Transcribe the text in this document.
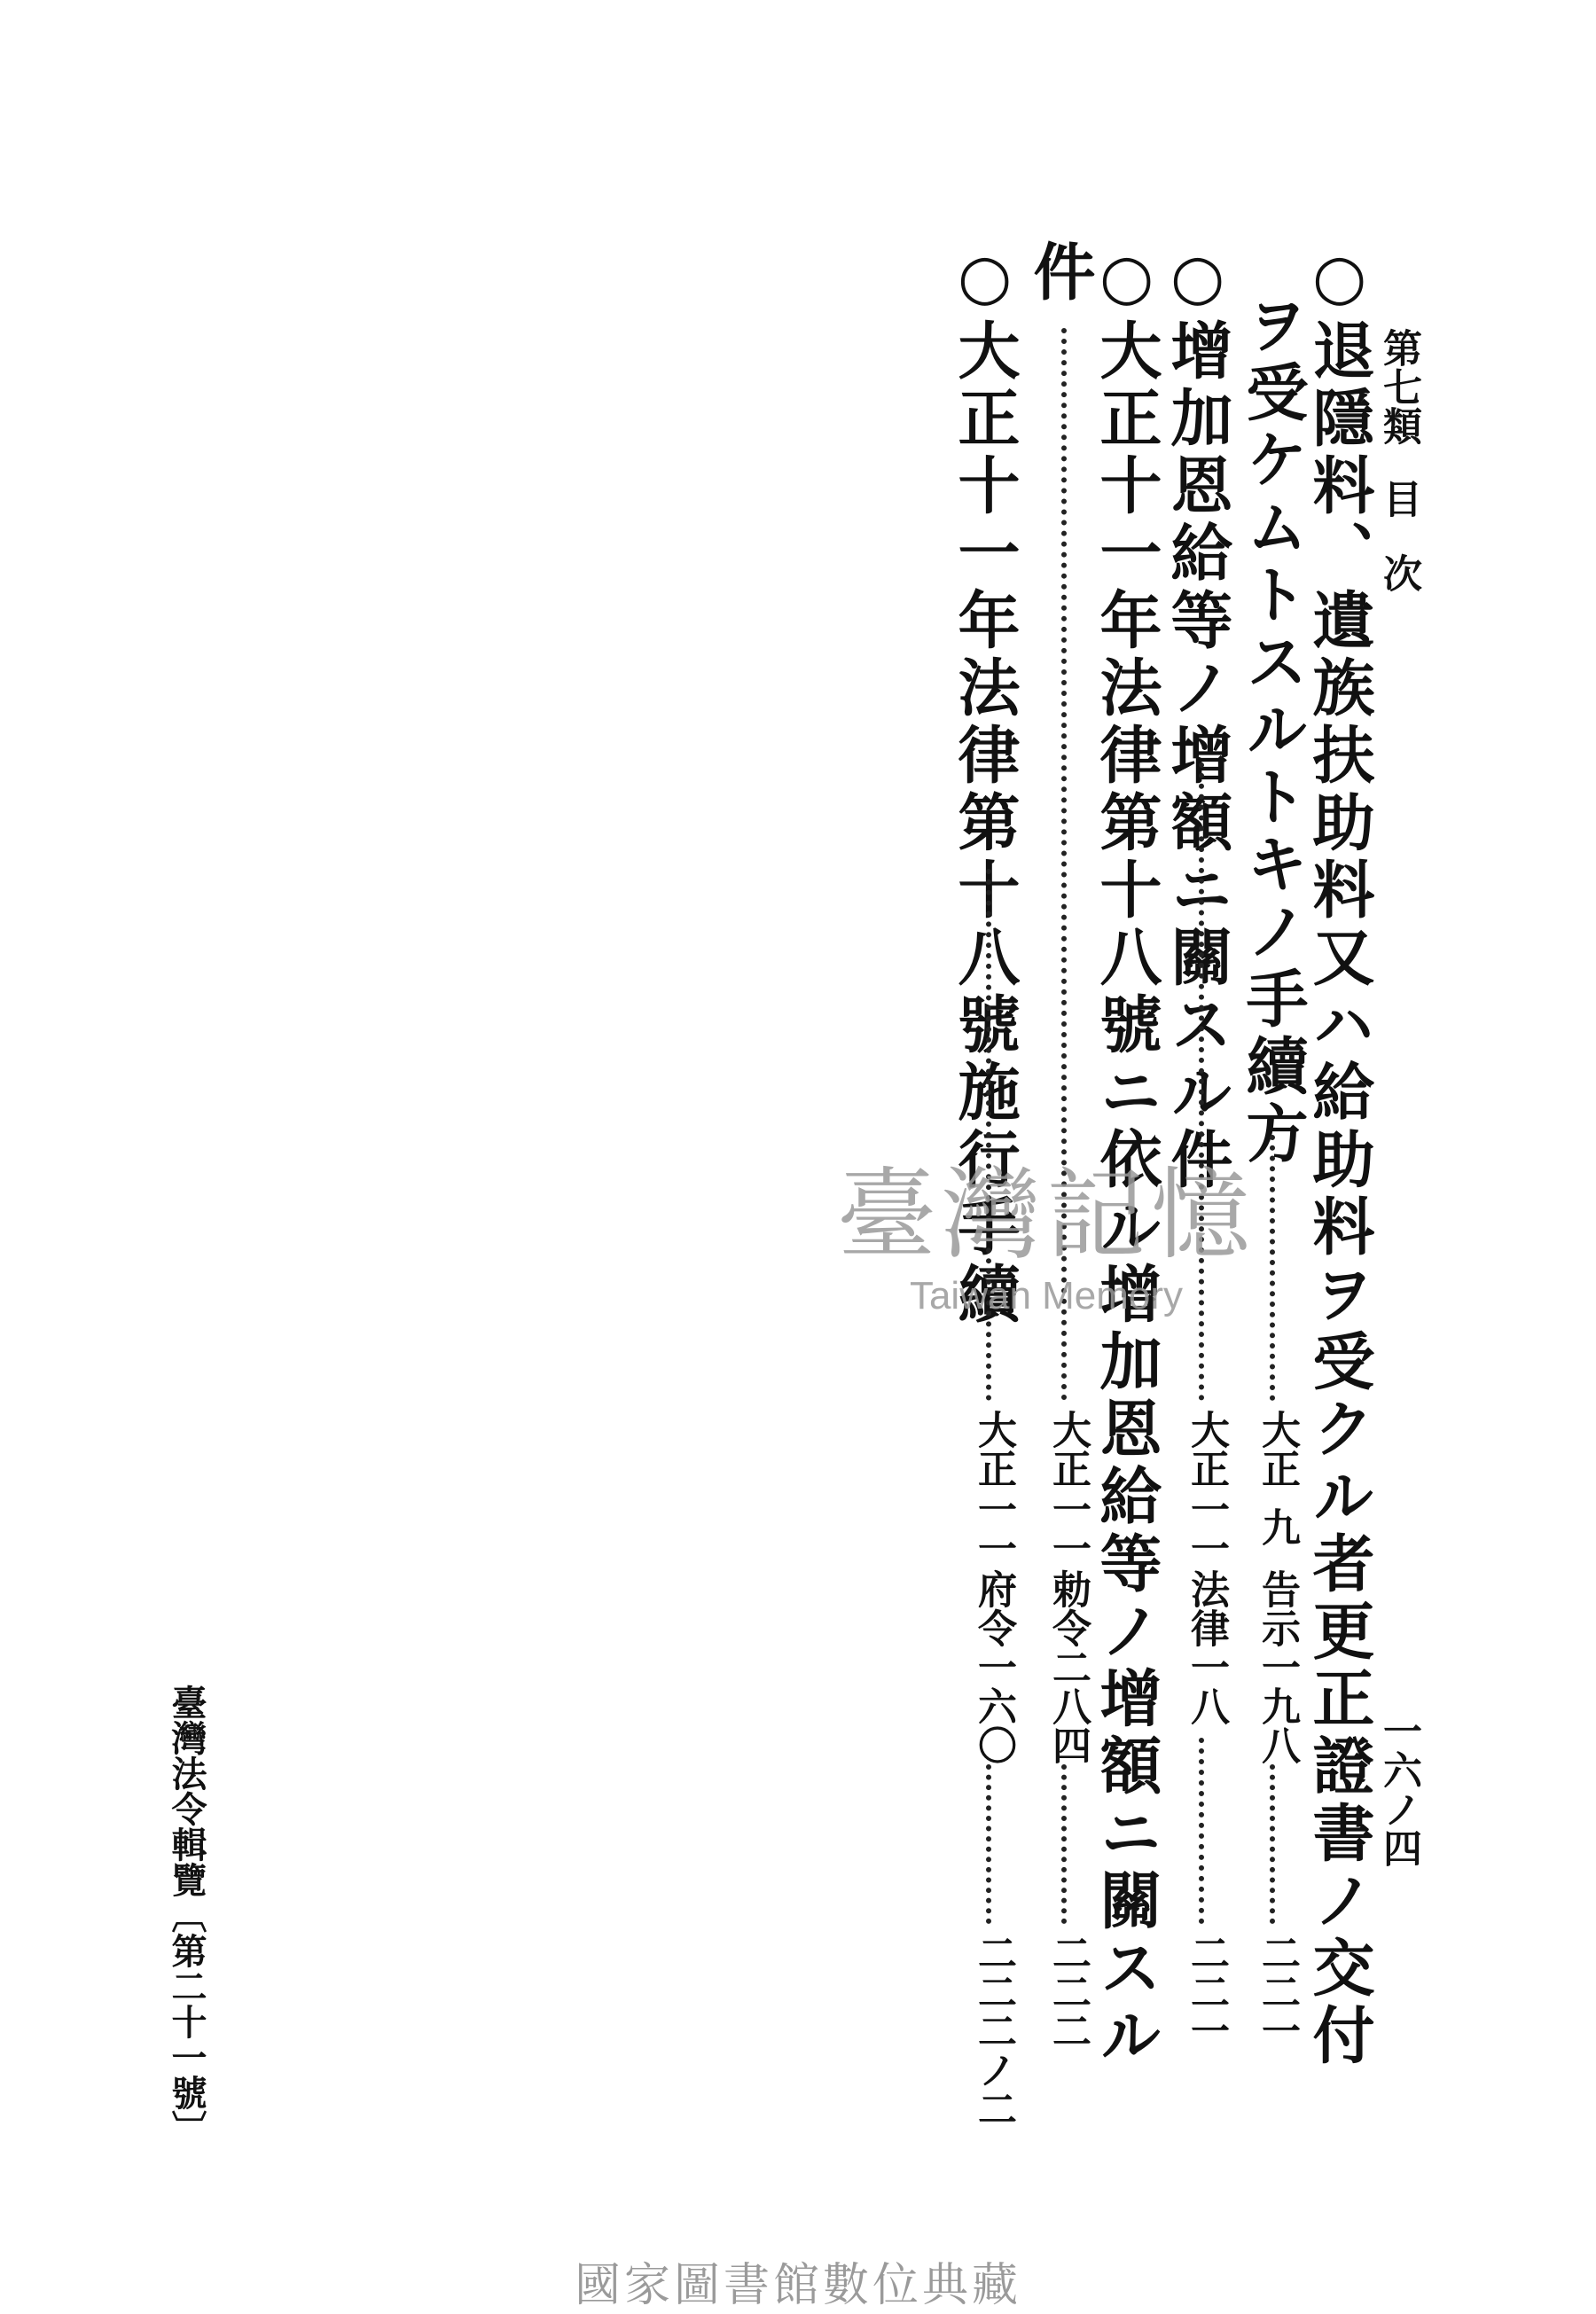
第七類
目次
一六ノ四
○退隱料、遺族扶助料又ハ給助料ヲ受クル者更正證書ノ交付
ヲ受ケムトスルトキノ手續方
大正
九
告示一九八
二二一
○增加恩給等ノ增額ニ關スル件
大正
一一
法律一八
二二一
○大正十一年法律第十八號ニ依ル增加恩給等ノ增額ニ關スル
件
大正
一一
勅令二八四
二二二
○大正十一年法律第十八號施行手續
大正
一一
府令一六〇
二二二ノ二
臺灣法令輯覽〔第二十一號〕
臺灣記憶
Taiwan Memory
國家圖書館數位典藏
